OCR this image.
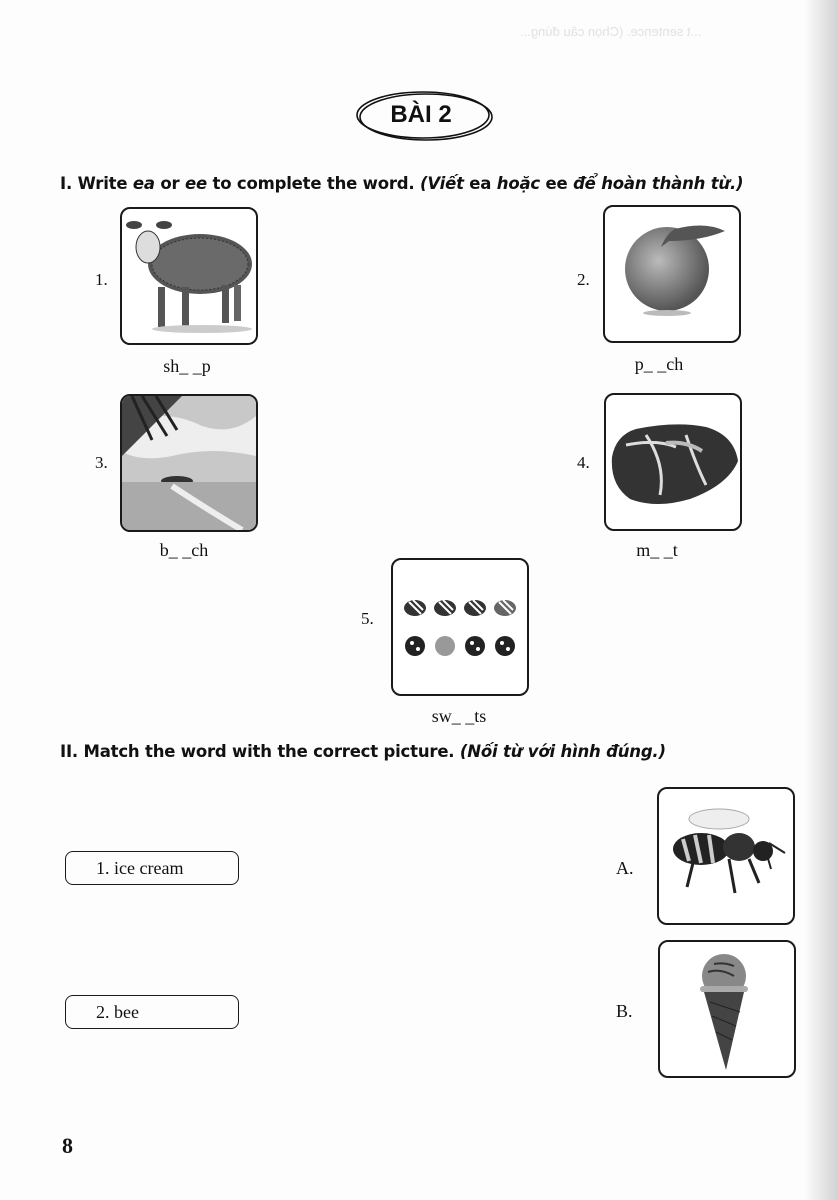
...t sentence. (Chọn câu đúng...
BÀI 2
I. Write ea or ee to complete the word. (Viết ea hoặc ee để hoàn thành từ.)
1.
sh_ _p
2.
p_ _ch
3.
b_ _ch
4.
m_ _t
5.
sw_ _ts
II. Match the word with the correct picture. (Nối từ với hình đúng.)
1. ice cream
2. bee
A.
B.
8
